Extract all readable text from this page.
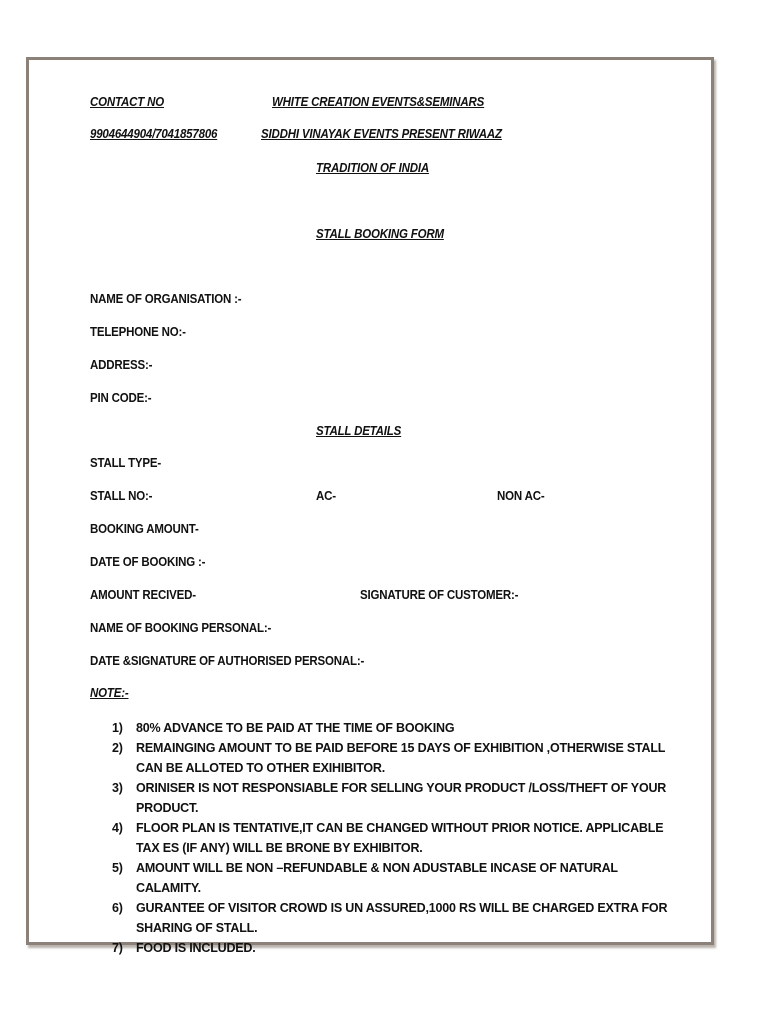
CONTACT NO	WHITE CREATION EVENTS&SEMINARS
9904644904/7041857806	SIDDHI VINAYAK EVENTS PRESENT RIWAAZ
TRADITION OF INDIA
STALL BOOKING FORM
NAME OF ORGANISATION :-
TELEPHONE NO:-
ADDRESS:-
PIN CODE:-
STALL DETAILS
STALL TYPE-
STALL NO:-	AC-	NON AC-
BOOKING AMOUNT-
DATE OF BOOKING :-
AMOUNT RECIVED-	SIGNATURE OF CUSTOMER:-
NAME OF BOOKING PERSONAL:-
DATE &SIGNATURE OF AUTHORISED PERSONAL:-
NOTE:-
1) 80% ADVANCE TO BE PAID AT THE TIME OF BOOKING
2) REMAINGING AMOUNT TO BE PAID BEFORE 15 DAYS OF EXHIBITION ,OTHERWISE STALL CAN BE ALLOTED TO OTHER EXIHIBITOR.
3) ORINISER IS NOT RESPONSIABLE FOR SELLING YOUR PRODUCT /LOSS/THEFT OF YOUR PRODUCT.
4) FLOOR PLAN IS TENTATIVE,IT CAN BE CHANGED WITHOUT PRIOR NOTICE. APPLICABLE TAX ES (IF ANY) WILL BE BRONE BY EXHIBITOR.
5) AMOUNT WILL BE NON –REFUNDABLE & NON ADUSTABLE INCASE OF NATURAL CALAMITY.
6) GURANTEE OF VISITOR CROWD IS UN ASSURED,1000 RS WILL BE CHARGED EXTRA FOR SHARING OF STALL.
7) FOOD IS INCLUDED.
